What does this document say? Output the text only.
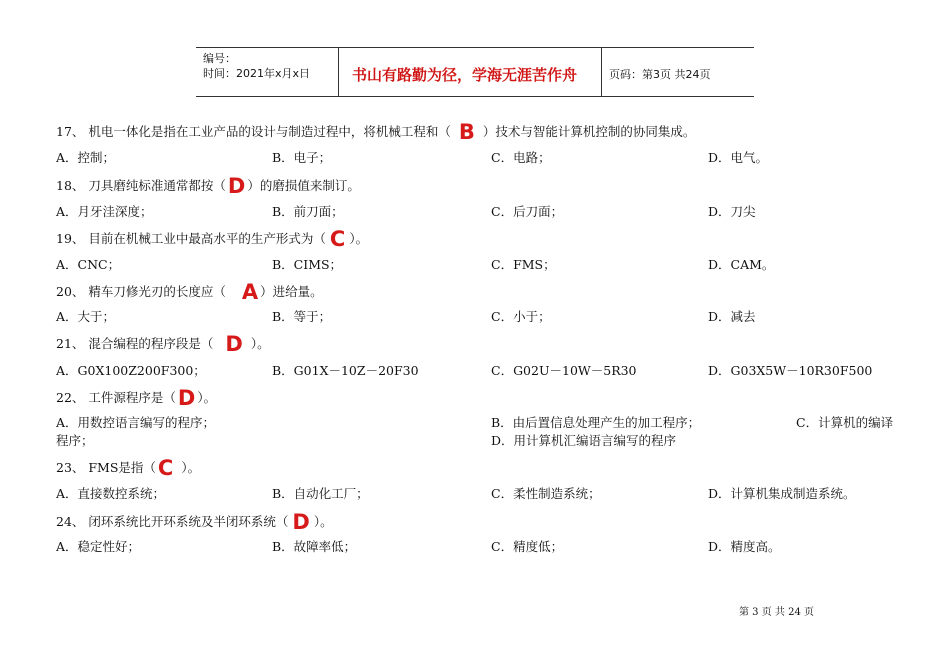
编号：
时间：2021年x月x日	书山有路勤为径，学海无涯苦作舟	页码：第3页 共24页
17、 机电一体化是指在工业产品的设计与制造过程中，将机械工程和（ B ）技术与智能计算机控制的协同集成。
A．控制；	B．电子；	C．电路；	D．电气。
18、 刀具磨纯标准通常都按（D ）的磨损值来制订。
A．月牙洼深度；	B．前刀面；	C．后刀面；	D．刀尖
19、 目前在机械工业中最高水平的生产形式为（ C ）。
A．CNC；	B．CIMS；	C．FMS；	D．CAM。
20、 精车刀修光刃的长度应（ A ）进给量。
A．大于；	B．等于；	C．小于；	D．减去
21、 混合编程的程序段是（ D ）。
A．G0X100Z200F300；	B．G01X－10Z－20F30	C．G02U－10W－5R30	D．G03X5W－10R30F500
22、 工件源程序是（D ）。
A．用数控语言编写的程序；	B．由后置信息处理产生的加工程序；	C．计算机的编译
程序；	D．用计算机汇编语言编写的程序
23、 FMS是指（C ）。
A．直接数控系统；	B．自动化工厂；	C．柔性制造系统；	D．计算机集成制造系统。
24、 闭环系统比开环系统及半闭环系统（ D ）。
A．稳定性好；	B．故障率低；	C．精度低；	D．精度高。
第 3 页 共 24 页
